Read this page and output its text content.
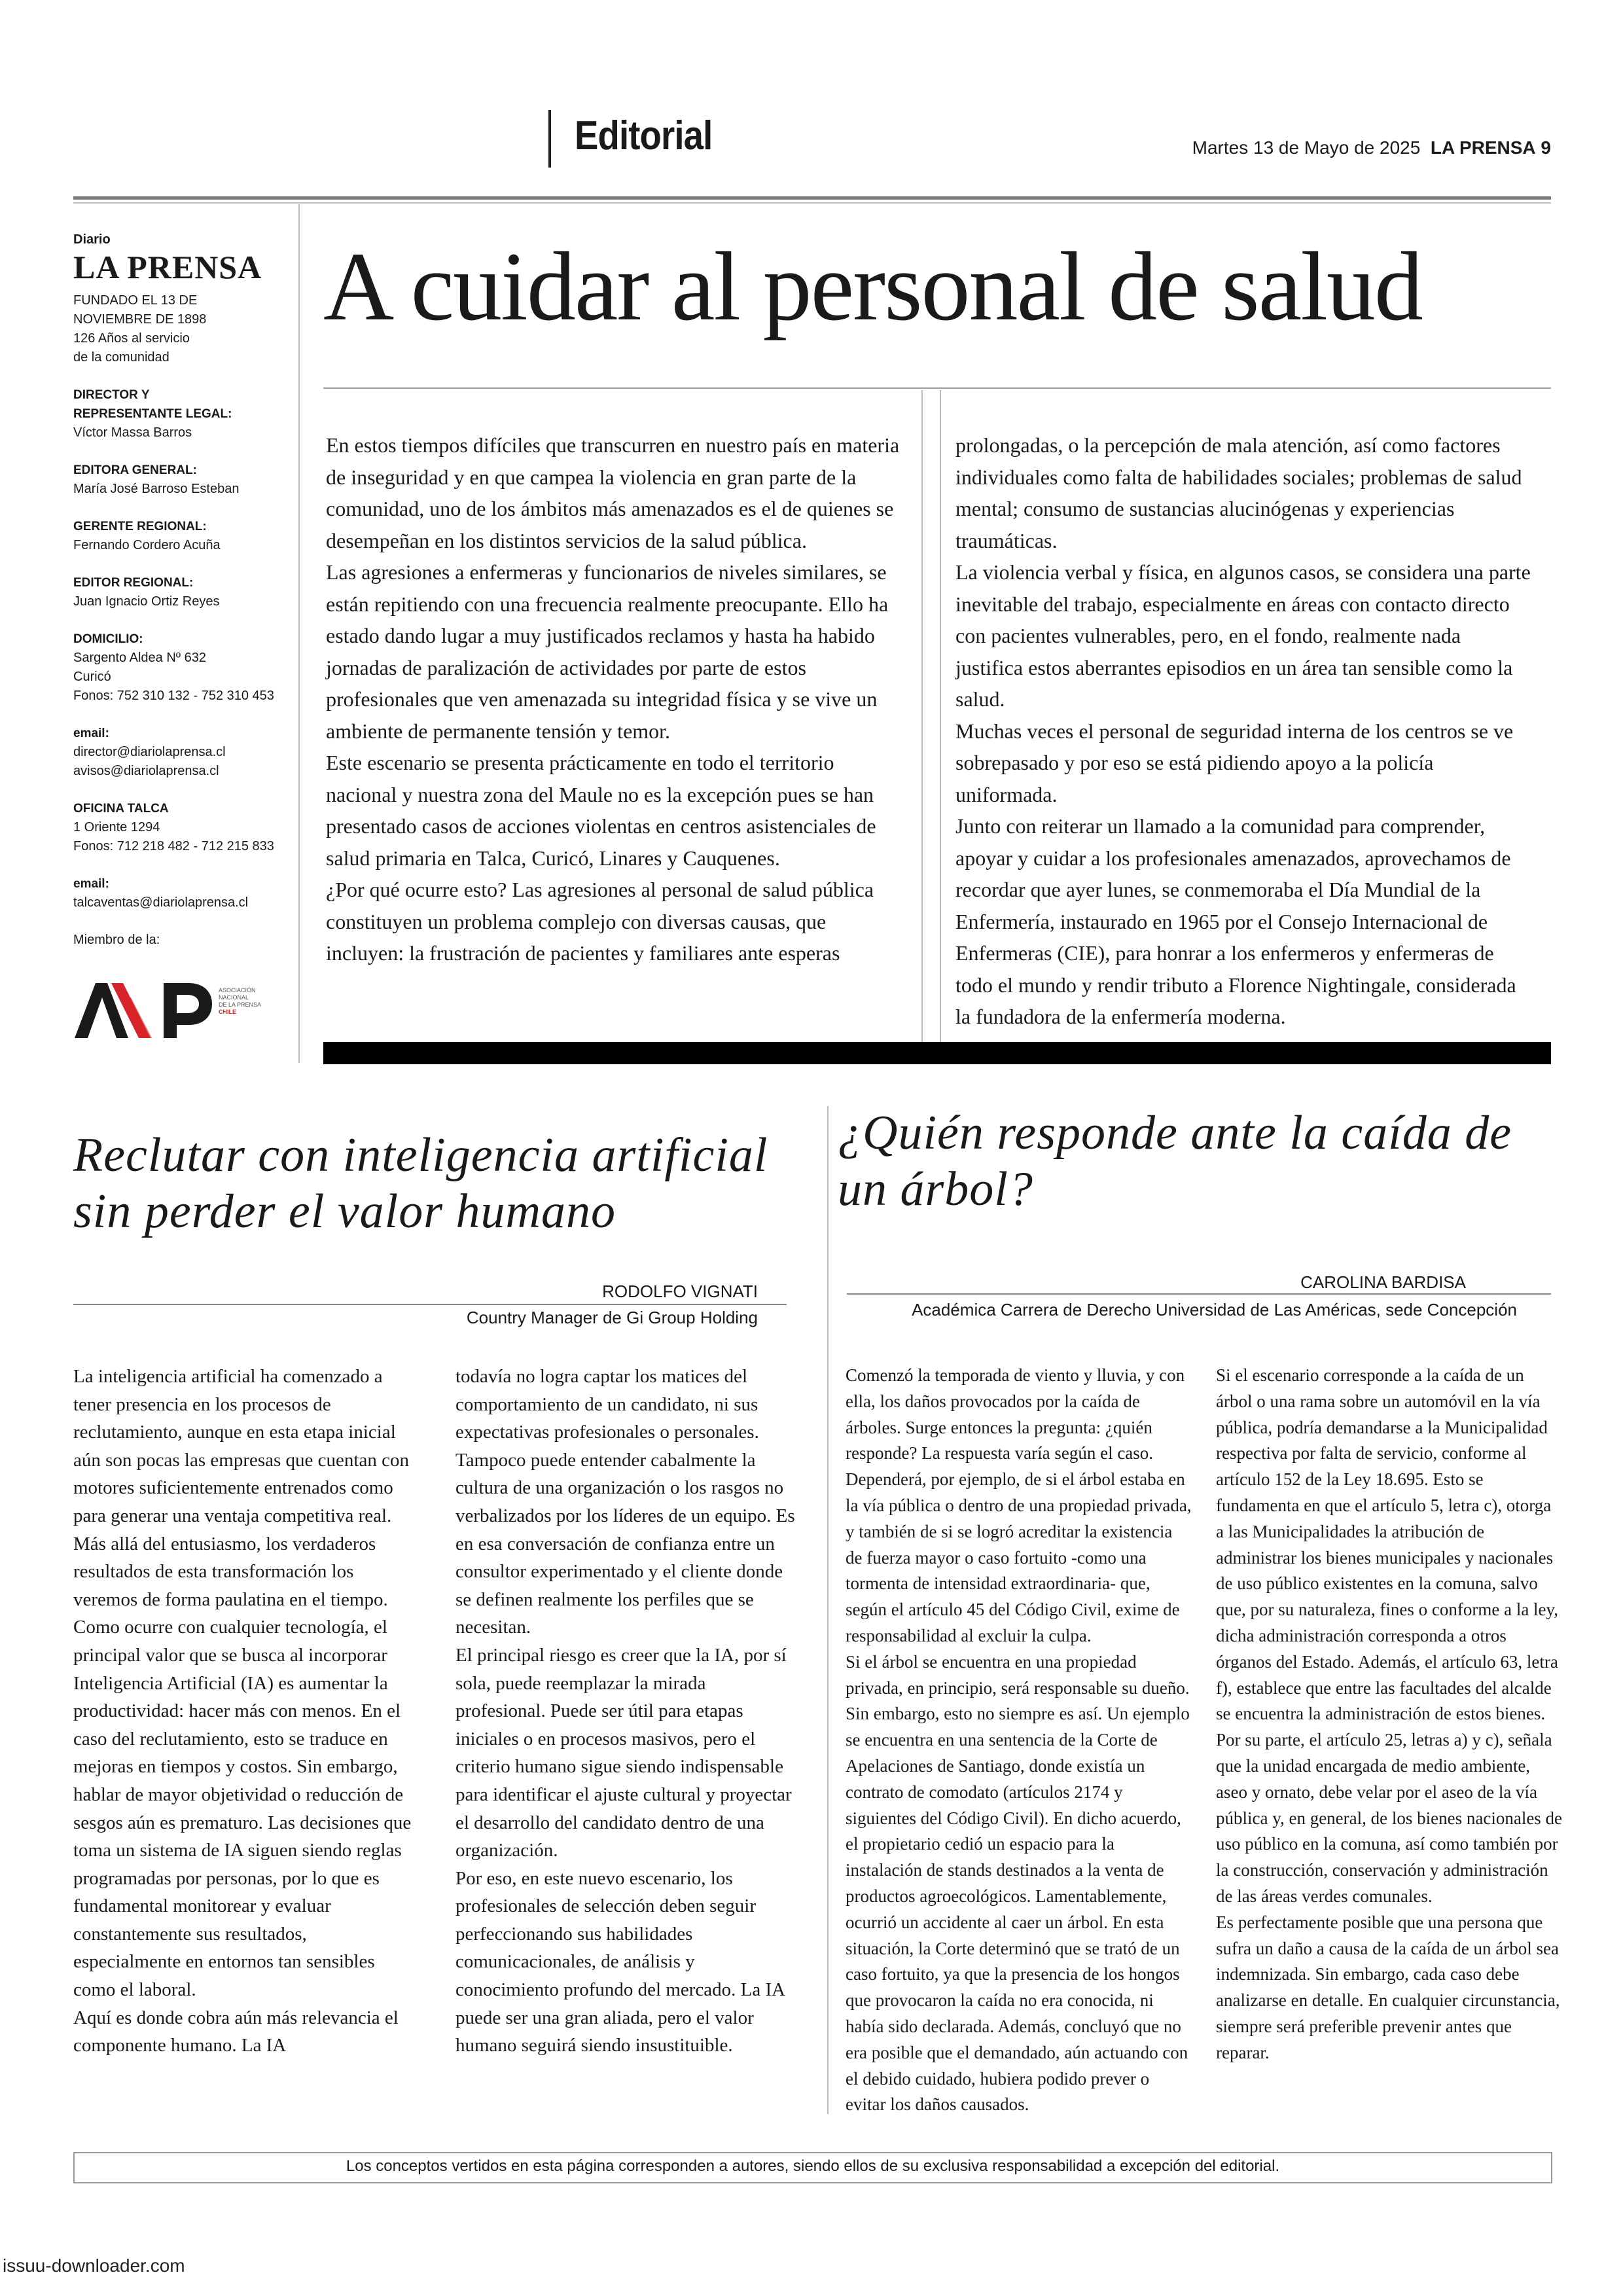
Editorial	Martes 13 de Mayo de 2025 LA PRENSA 9
Diario
LA PRENSA
FUNDADO EL 13 DE
NOVIEMBRE DE 1898
126 Años al servicio
de la comunidad
DIRECTOR Y
REPRESENTANTE LEGAL:
Víctor Massa Barros
EDITORA GENERAL:
María José Barroso Esteban
GERENTE REGIONAL:
Fernando Cordero Acuña
EDITOR REGIONAL:
Juan Ignacio Ortiz Reyes
DOMICILIO:
Sargento Aldea Nº 632
Curicó
Fonos: 752 310 132 - 752 310 453
email:
director@diariolaprensa.cl
avisos@diariolaprensa.cl
OFICINA TALCA
1 Oriente 1294
Fonos: 712 218 482 - 712 215 833
email:
talcaventas@diariolaprensa.cl
Miembro de la:
ASOCIACIÓN
NACIONAL
DE LA PRENSA
CHILE
A cuidar al personal de salud

En estos tiempos difíciles que transcurren en nuestro país en materia de inseguridad y en que campea la violencia en gran parte de la comunidad, uno de los ámbitos más amenazados es el de quienes se desempeñan en los distintos servicios de la salud pública.

Las agresiones a enfermeras y funcionarios de niveles similares, se están repitiendo con una frecuencia realmente preocupante. Ello ha estado dando lugar a muy justificados reclamos y hasta ha habido jornadas de paralización de actividades por parte de estos profesionales que ven amenazada su integridad física y se vive un ambiente de permanente tensión y temor.

Este escenario se presenta prácticamente en todo el territorio nacional y nuestra zona del Maule no es la excepción pues se han presentado casos de acciones violentas en centros asistenciales de salud primaria en Talca, Curicó, Linares y Cauquenes.

¿Por qué ocurre esto? Las agresiones al personal de salud pública constituyen un problema complejo con diversas causas, que incluyen: la frustración de pacientes y familiares ante esperas

prolongadas, o la percepción de mala atención, así como factores individuales como falta de habilidades sociales; problemas de salud mental; consumo de sustancias alucinógenas y experiencias traumáticas.

La violencia verbal y física, en algunos casos, se considera una parte inevitable del trabajo, especialmente en áreas con contacto directo con pacientes vulnerables, pero, en el fondo, realmente nada justifica estos aberrantes episodios en un área tan sensible como la salud.

Muchas veces el personal de seguridad interna de los centros se ve sobrepasado y por eso se está pidiendo apoyo a la policía uniformada.

Junto con reiterar un llamado a la comunidad para comprender, apoyar y cuidar a los profesionales amenazados, aprovechamos de recordar que ayer lunes, se conmemoraba el Día Mundial de la Enfermería, instaurado en 1965 por el Consejo Internacional de Enfermeras (CIE), para honrar a los enfermeros y enfermeras de todo el mundo y rendir tributo a Florence Nightingale, considerada la fundadora de la enfermería moderna.

Reclutar con inteligencia artificial sin perder el valor humano
RODOLFO VIGNATI
Country Manager de Gi Group Holding

La inteligencia artificial ha comenzado a tener presencia en los procesos de reclutamiento, aunque en esta etapa inicial aún son pocas las empresas que cuentan con motores suficientemente entrenados como para generar una ventaja competitiva real. Más allá del entusiasmo, los verdaderos resultados de esta transformación los veremos de forma paulatina en el tiempo.

Como ocurre con cualquier tecnología, el principal valor que se busca al incorporar Inteligencia Artificial (IA) es aumentar la productividad: hacer más con menos. En el caso del reclutamiento, esto se traduce en mejoras en tiempos y costos. Sin embargo, hablar de mayor objetividad o reducción de sesgos aún es prematuro. Las decisiones que toma un sistema de IA siguen siendo reglas programadas por personas, por lo que es fundamental monitorear y evaluar constantemente sus resultados, especialmente en entornos tan sensibles como el laboral.

Aquí es donde cobra aún más relevancia el componente humano. La IA

todavía no logra captar los matices del comportamiento de un candidato, ni sus expectativas profesionales o personales. Tampoco puede entender cabalmente la cultura de una organización o los rasgos no verbalizados por los líderes de un equipo. Es en esa conversación de confianza entre un consultor experimentado y el cliente donde se definen realmente los perfiles que se necesitan.

El principal riesgo es creer que la IA, por sí sola, puede reemplazar la mirada profesional. Puede ser útil para etapas iniciales o en procesos masivos, pero el criterio humano sigue siendo indispensable para identificar el ajuste cultural y proyectar el desarrollo del candidato dentro de una organización.

Por eso, en este nuevo escenario, los profesionales de selección deben seguir perfeccionando sus habilidades comunicacionales, de análisis y conocimiento profundo del mercado. La IA puede ser una gran aliada, pero el valor humano seguirá siendo insustituible.

¿Quién responde ante la caída de un árbol?
CAROLINA BARDISA
Académica Carrera de Derecho Universidad de Las Américas, sede Concepción

Comenzó la temporada de viento y lluvia, y con ella, los daños provocados por la caída de árboles. Surge entonces la pregunta: ¿quién responde? La respuesta varía según el caso. Dependerá, por ejemplo, de si el árbol estaba en la vía pública o dentro de una propiedad privada, y también de si se logró acreditar la existencia de fuerza mayor o caso fortuito -como una tormenta de intensidad extraordinaria- que, según el artículo 45 del Código Civil, exime de responsabilidad al excluir la culpa.

Si el árbol se encuentra en una propiedad privada, en principio, será responsable su dueño. Sin embargo, esto no siempre es así. Un ejemplo se encuentra en una sentencia de la Corte de Apelaciones de Santiago, donde existía un contrato de comodato (artículos 2174 y siguientes del Código Civil). En dicho acuerdo, el propietario cedió un espacio para la instalación de stands destinados a la venta de productos agroecológicos. Lamentablemente, ocurrió un accidente al caer un árbol. En esta situación, la Corte determinó que se trató de un caso fortuito, ya que la presencia de los hongos que provocaron la caída no era conocida, ni había sido declarada. Además, concluyó que no era posible que el demandado, aún actuando con el debido cuidado, hubiera podido prever o evitar los daños causados.

Si el escenario corresponde a la caída de un árbol o una rama sobre un automóvil en la vía pública, podría demandarse a la Municipalidad respectiva por falta de servicio, conforme al artículo 152 de la Ley 18.695. Esto se fundamenta en que el artículo 5, letra c), otorga a las Municipalidades la atribución de administrar los bienes municipales y nacionales de uso público existentes en la comuna, salvo que, por su naturaleza, fines o conforme a la ley, dicha administración corresponda a otros órganos del Estado. Además, el artículo 63, letra f), establece que entre las facultades del alcalde se encuentra la administración de estos bienes. Por su parte, el artículo 25, letras a) y c), señala que la unidad encargada de medio ambiente, aseo y ornato, debe velar por el aseo de la vía pública y, en general, de los bienes nacionales de uso público en la comuna, así como también por la construcción, conservación y administración de las áreas verdes comunales.

Es perfectamente posible que una persona que sufra un daño a causa de la caída de un árbol sea indemnizada. Sin embargo, cada caso debe analizarse en detalle. En cualquier circunstancia, siempre será preferible prevenir antes que reparar.

Los conceptos vertidos en esta página corresponden a autores, siendo ellos de su exclusiva responsabilidad a excepción del editorial.
issuu-downloader.com
